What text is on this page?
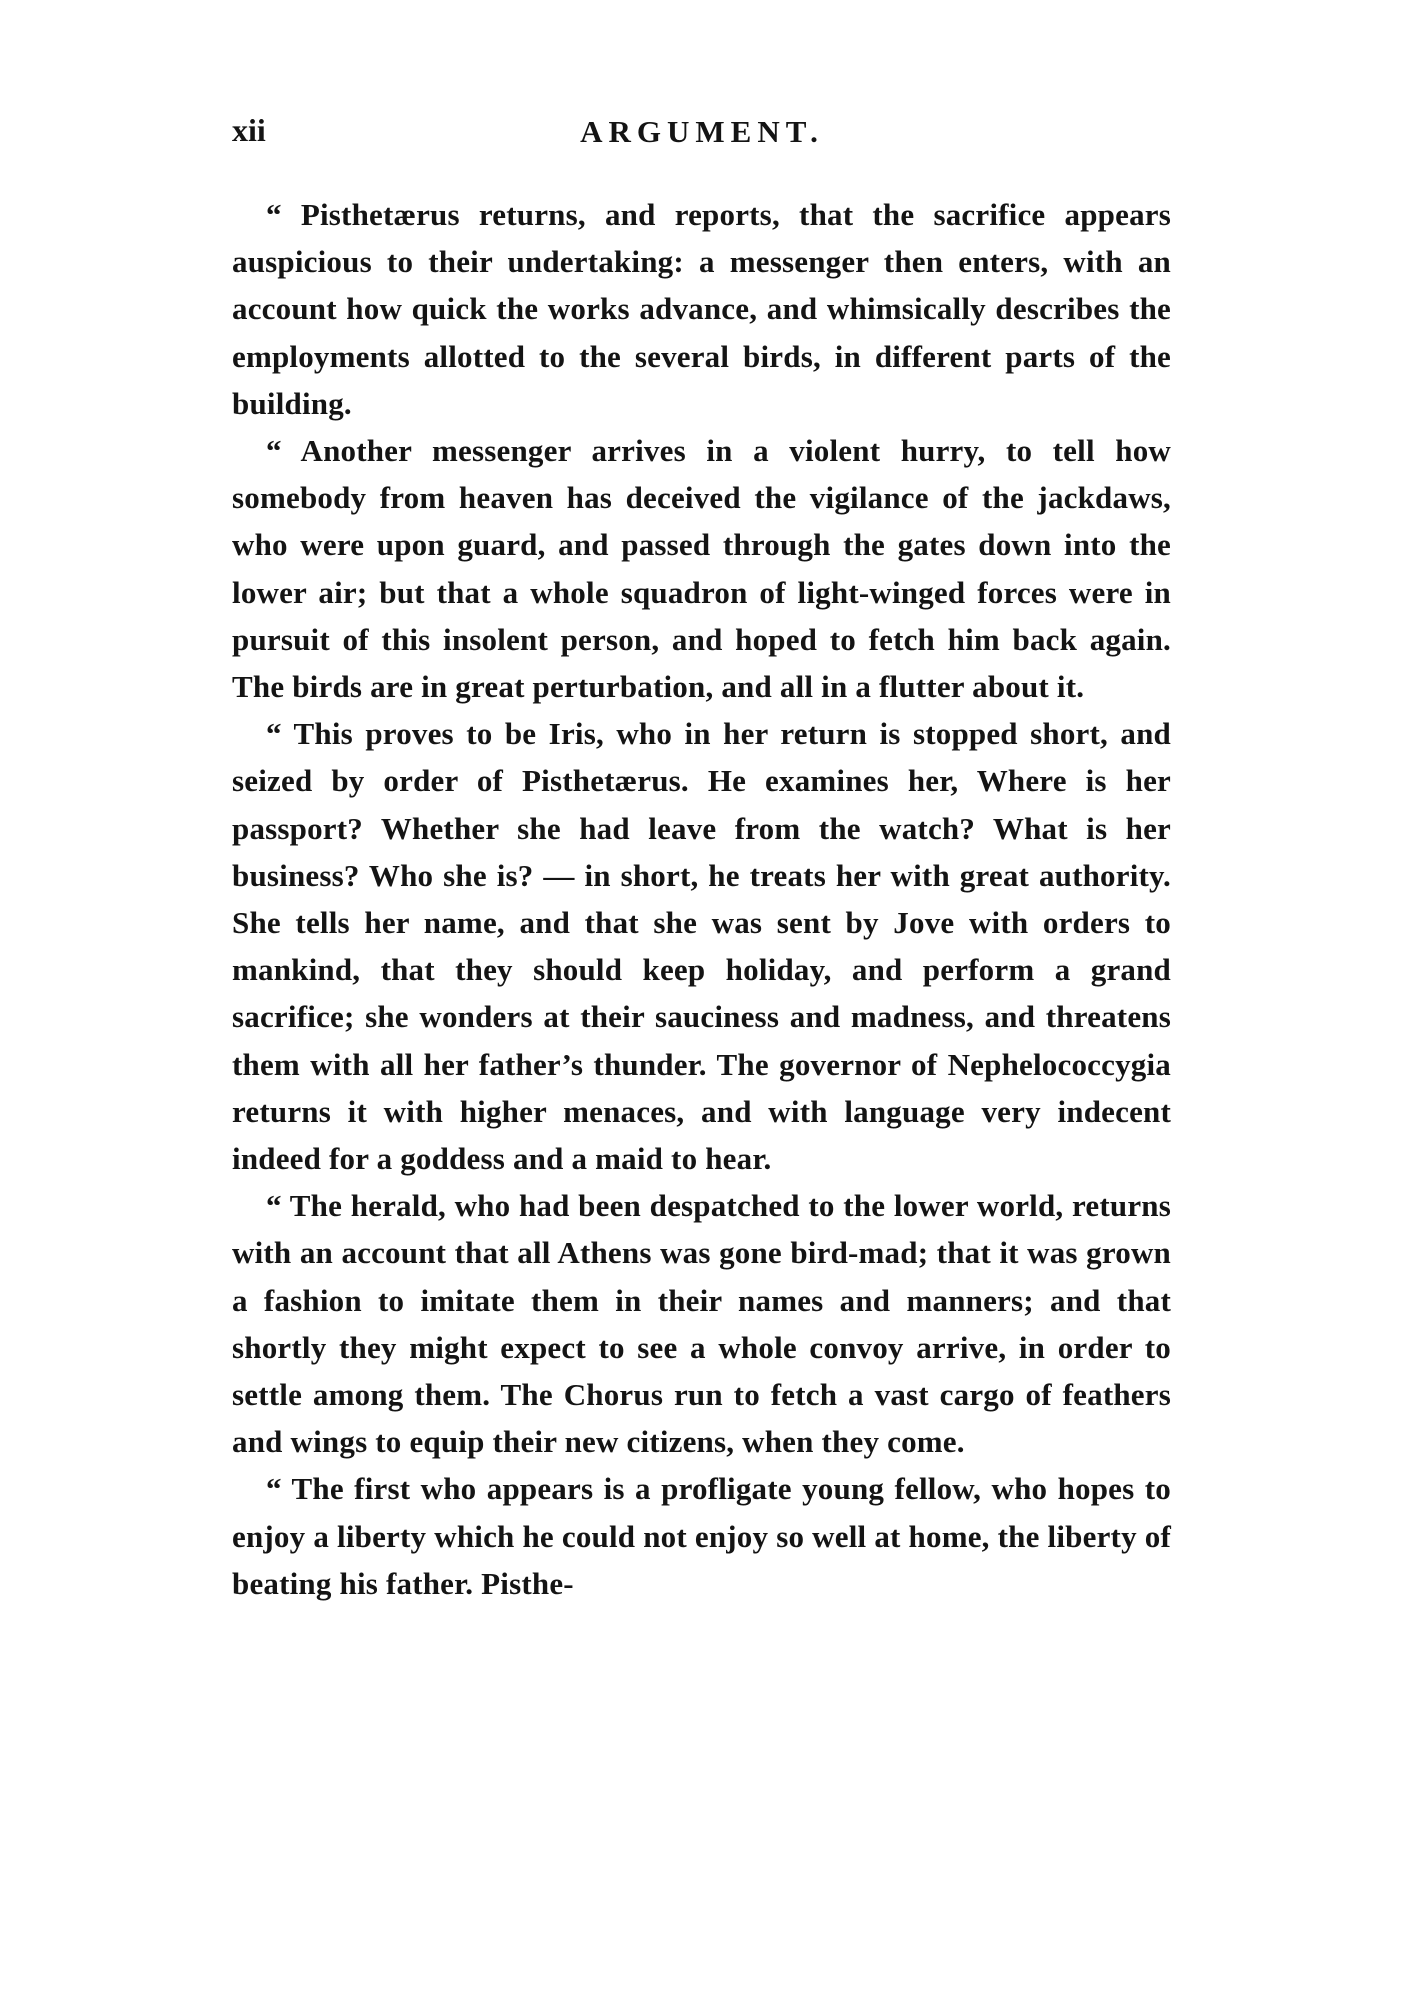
xii	ARGUMENT.

“ Pisthetærus returns, and reports, that the sacrifice appears auspicious to their undertaking: a messenger then enters, with an account how quick the works advance, and whimsically describes the employments allotted to the several birds, in different parts of the building.

“ Another messenger arrives in a violent hurry, to tell how somebody from heaven has deceived the vigilance of the jackdaws, who were upon guard, and passed through the gates down into the lower air; but that a whole squadron of light-winged forces were in pursuit of this insolent person, and hoped to fetch him back again. The birds are in great perturbation, and all in a flutter about it.

“ This proves to be Iris, who in her return is stopped short, and seized by order of Pisthetærus. He examines her, Where is her passport? Whether she had leave from the watch? What is her business? Who she is? — in short, he treats her with great authority. She tells her name, and that she was sent by Jove with orders to mankind, that they should keep holiday, and perform a grand sacrifice; she wonders at their sauciness and madness, and threatens them with all her father’s thunder. The governor of Nephelococcygia returns it with higher menaces, and with language very indecent indeed for a goddess and a maid to hear.

“ The herald, who had been despatched to the lower world, returns with an account that all Athens was gone bird-mad; that it was grown a fashion to imitate them in their names and manners; and that shortly they might expect to see a whole convoy arrive, in order to settle among them. The Chorus run to fetch a vast cargo of feathers and wings to equip their new citizens, when they come.

“ The first who appears is a profligate young fellow, who hopes to enjoy a liberty which he could not enjoy so well at home, the liberty of beating his father. Pisthe-
